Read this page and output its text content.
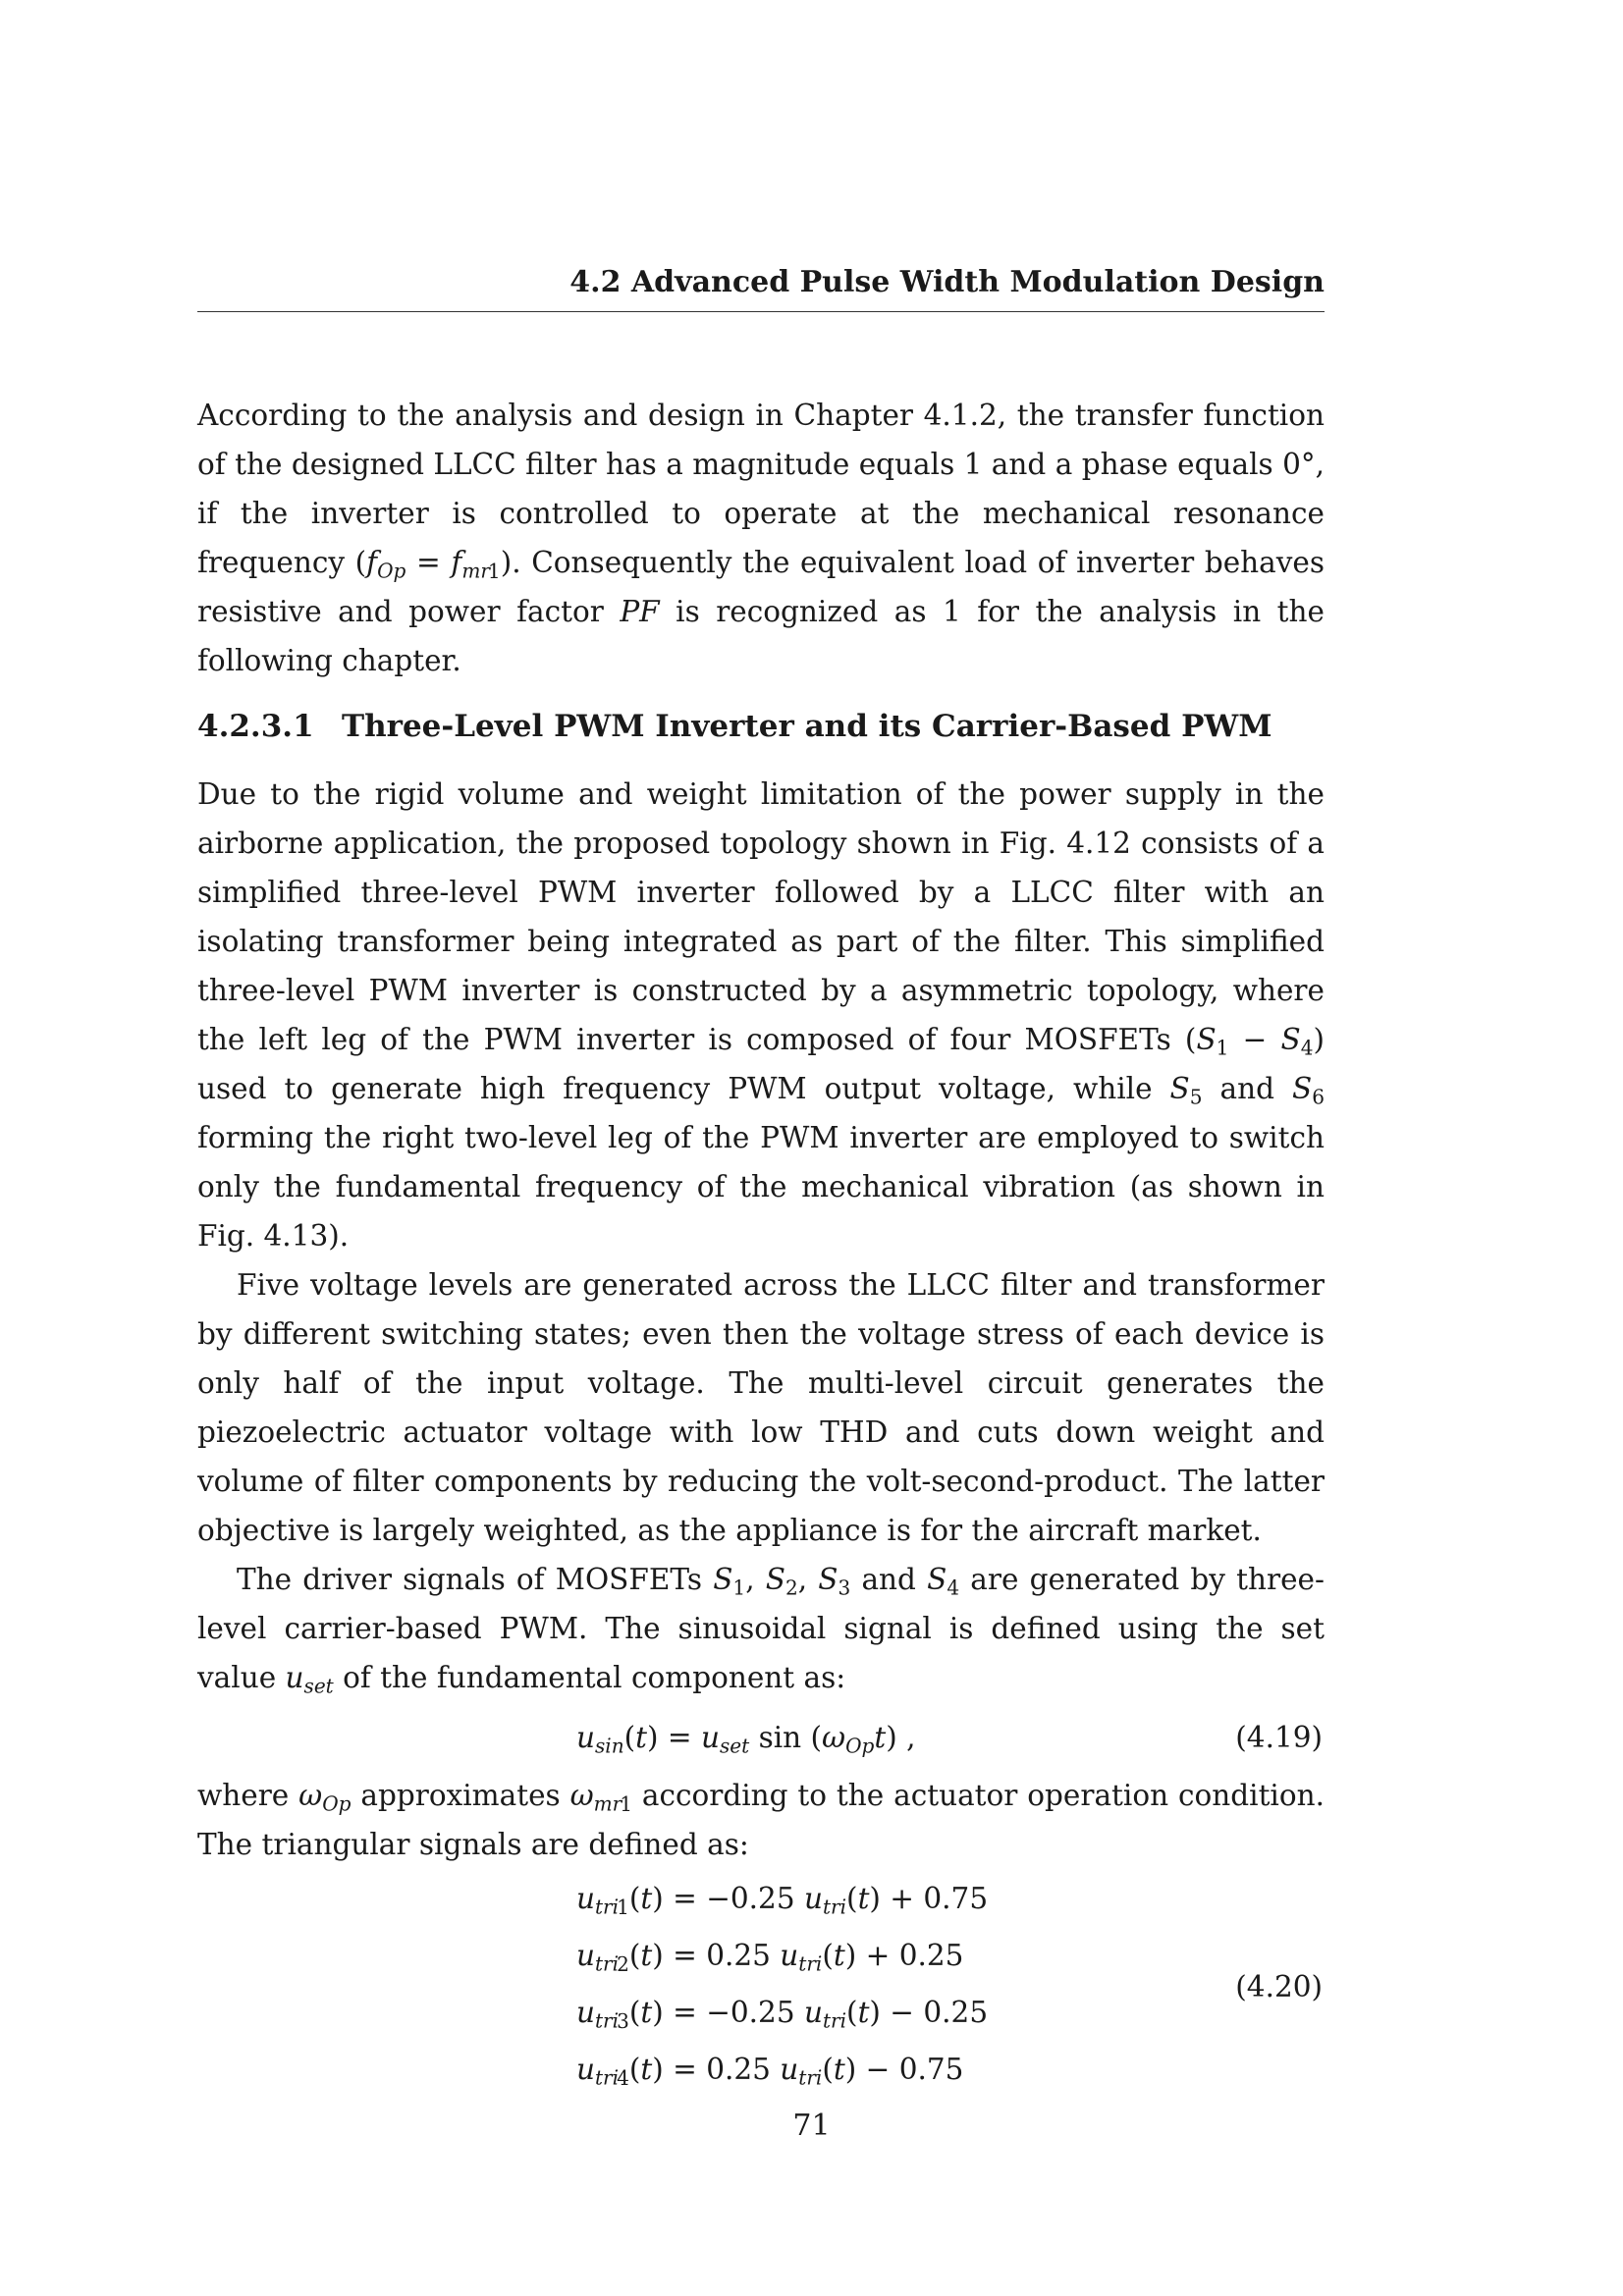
4.2 Advanced Pulse Width Modulation Design

According to the analysis and design in Chapter 4.1.2, the transfer function of the designed LLCC filter has a magnitude equals 1 and a phase equals 0°, if the inverter is controlled to operate at the mechanical resonance frequency $(f_{Op} = f_{mr1})$. Consequently the equivalent load of inverter behaves resistive and power factor PF is recognized as 1 for the analysis in the following chapter.

4.2.3.1 Three-Level PWM Inverter and its Carrier-Based PWM

Due to the rigid volume and weight limitation of the power supply in the airborne application, the proposed topology shown in Fig. 4.12 consists of a simplified three-level PWM inverter followed by a LLCC filter with an isolating transformer being integrated as part of the filter. This simplified three-level PWM inverter is constructed by a asymmetric topology, where the left leg of the PWM inverter is composed of four MOSFETs $(S_1 - S_4)$ used to generate high frequency PWM output voltage, while $S_5$ and $S_6$ forming the right two-level leg of the PWM inverter are employed to switch only the fundamental frequency of the mechanical vibration (as shown in Fig. 4.13).

Five voltage levels are generated across the LLCC filter and transformer by different switching states; even then the voltage stress of each device is only half of the input voltage. The multi-level circuit generates the piezoelectric actuator voltage with low THD and cuts down weight and volume of filter components by reducing the volt-second-product. The latter objective is largely weighted, as the appliance is for the aircraft market.

The driver signals of MOSFETs $S_1$, $S_2$, $S_3$ and $S_4$ are generated by three-level carrier-based PWM. The sinusoidal signal is defined using the set value $u_{set}$ of the fundamental component as:

$u_{sin}(t) = u_{set}$ $\sin (\omega_{Op}t)$ ,	(4.19)

where $\omega_{Op}$ approximates $\omega_{mr1}$ according to the actuator operation condition. The triangular signals are defined as:

$u_{tri1}(t) = -0.25$ $u_{tri}(t) + 0.75$
$u_{tri2}(t) = 0.25$ $u_{tri}(t) + 0.25$
$u_{tri3}(t) = -0.25$ $u_{tri}(t) - 0.25$
$u_{tri4}(t) = 0.25$ $u_{tri}(t) - 0.75$
(4.20)
71
